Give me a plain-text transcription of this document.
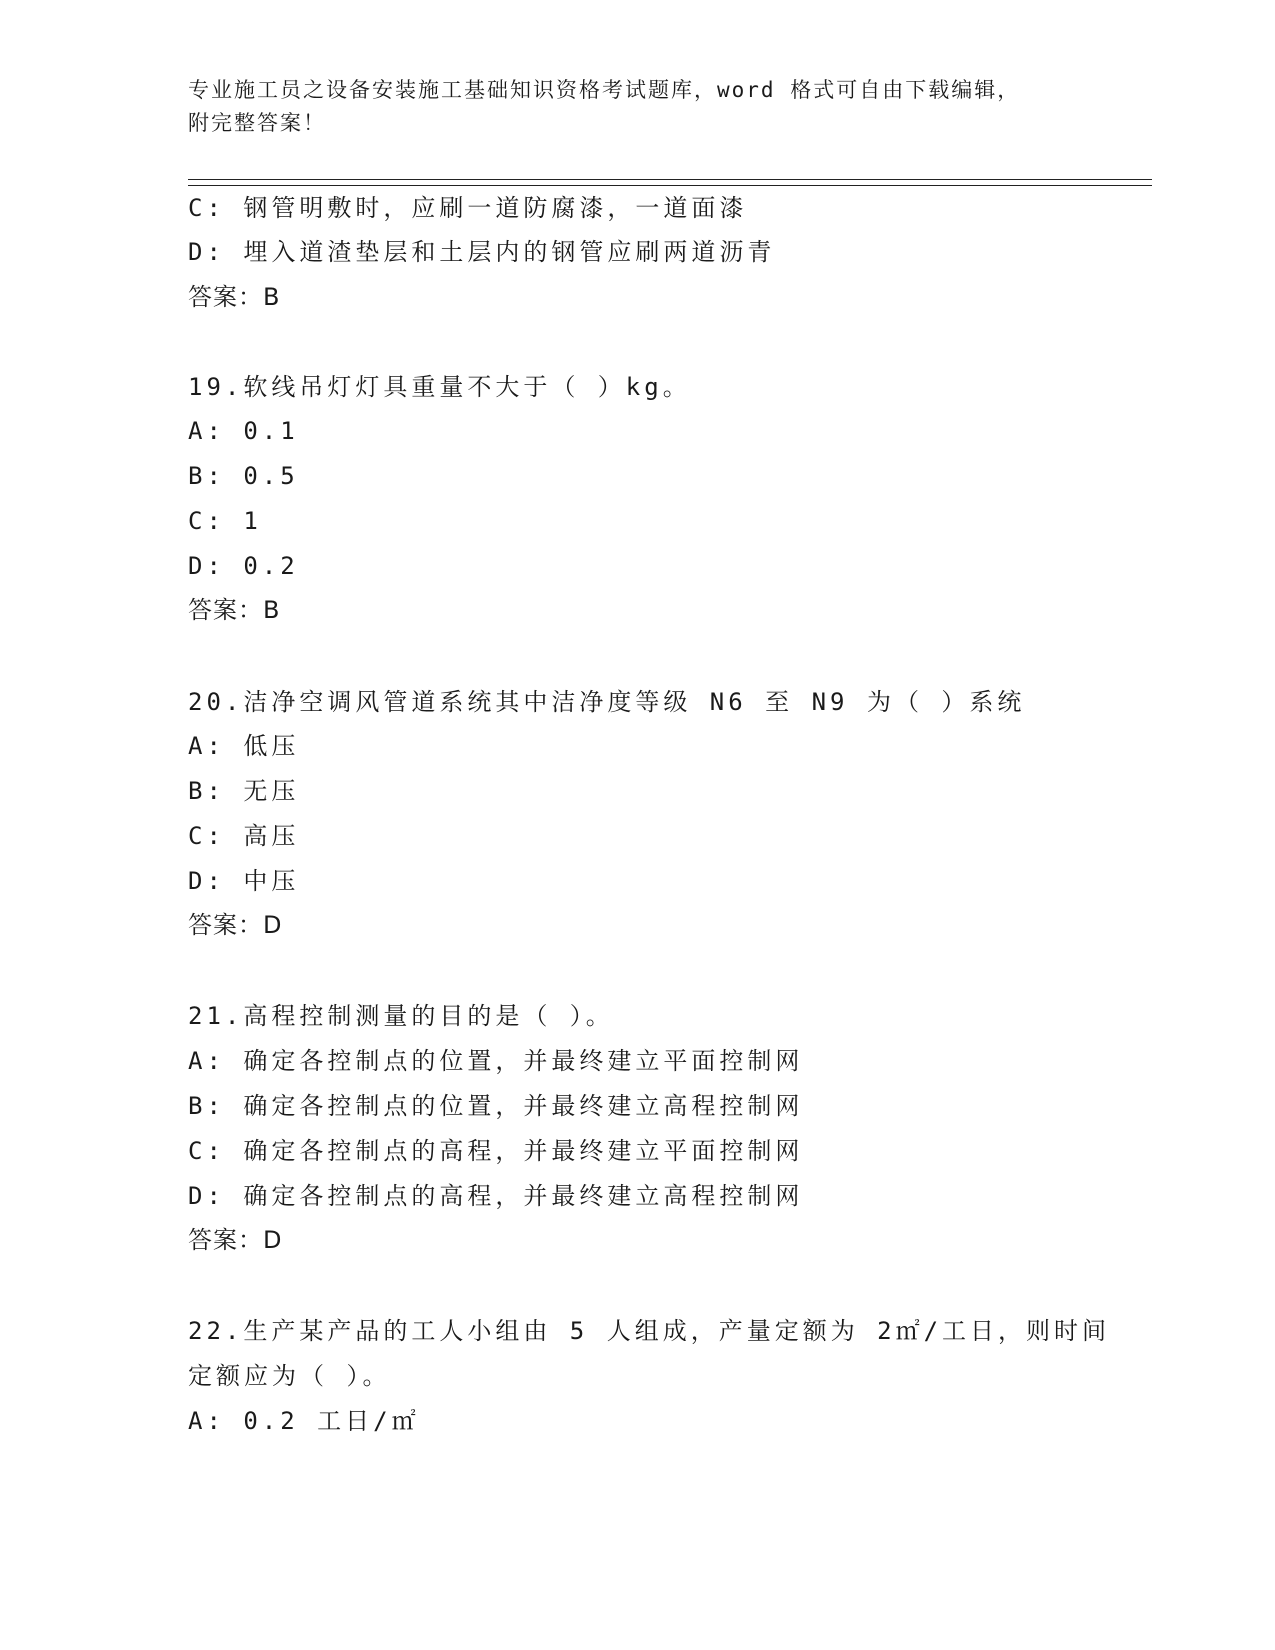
专业施工员之设备安装施工基础知识资格考试题库，word 格式可自由下载编辑，
附完整答案！
C: 钢管明敷时，应刷一道防腐漆，一道面漆
D: 埋入道渣垫层和土层内的钢管应刷两道沥青
答案：B
19.软线吊灯灯具重量不大于（ ）kg。
A: 0.1
B: 0.5
C: 1
D: 0.2
答案：B
20.洁净空调风管道系统其中洁净度等级 N6 至 N9 为（ ）系统
A: 低压
B: 无压
C: 高压
D: 中压
答案：D
21.高程控制测量的目的是（ ）。
A: 确定各控制点的位置，并最终建立平面控制网
B: 确定各控制点的位置，并最终建立高程控制网
C: 确定各控制点的高程，并最终建立平面控制网
D: 确定各控制点的高程，并最终建立高程控制网
答案：D
22.生产某产品的工人小组由 5 人组成，产量定额为 2㎡/工日，则时间
定额应为（ ）。
A: 0.2 工日/㎡
